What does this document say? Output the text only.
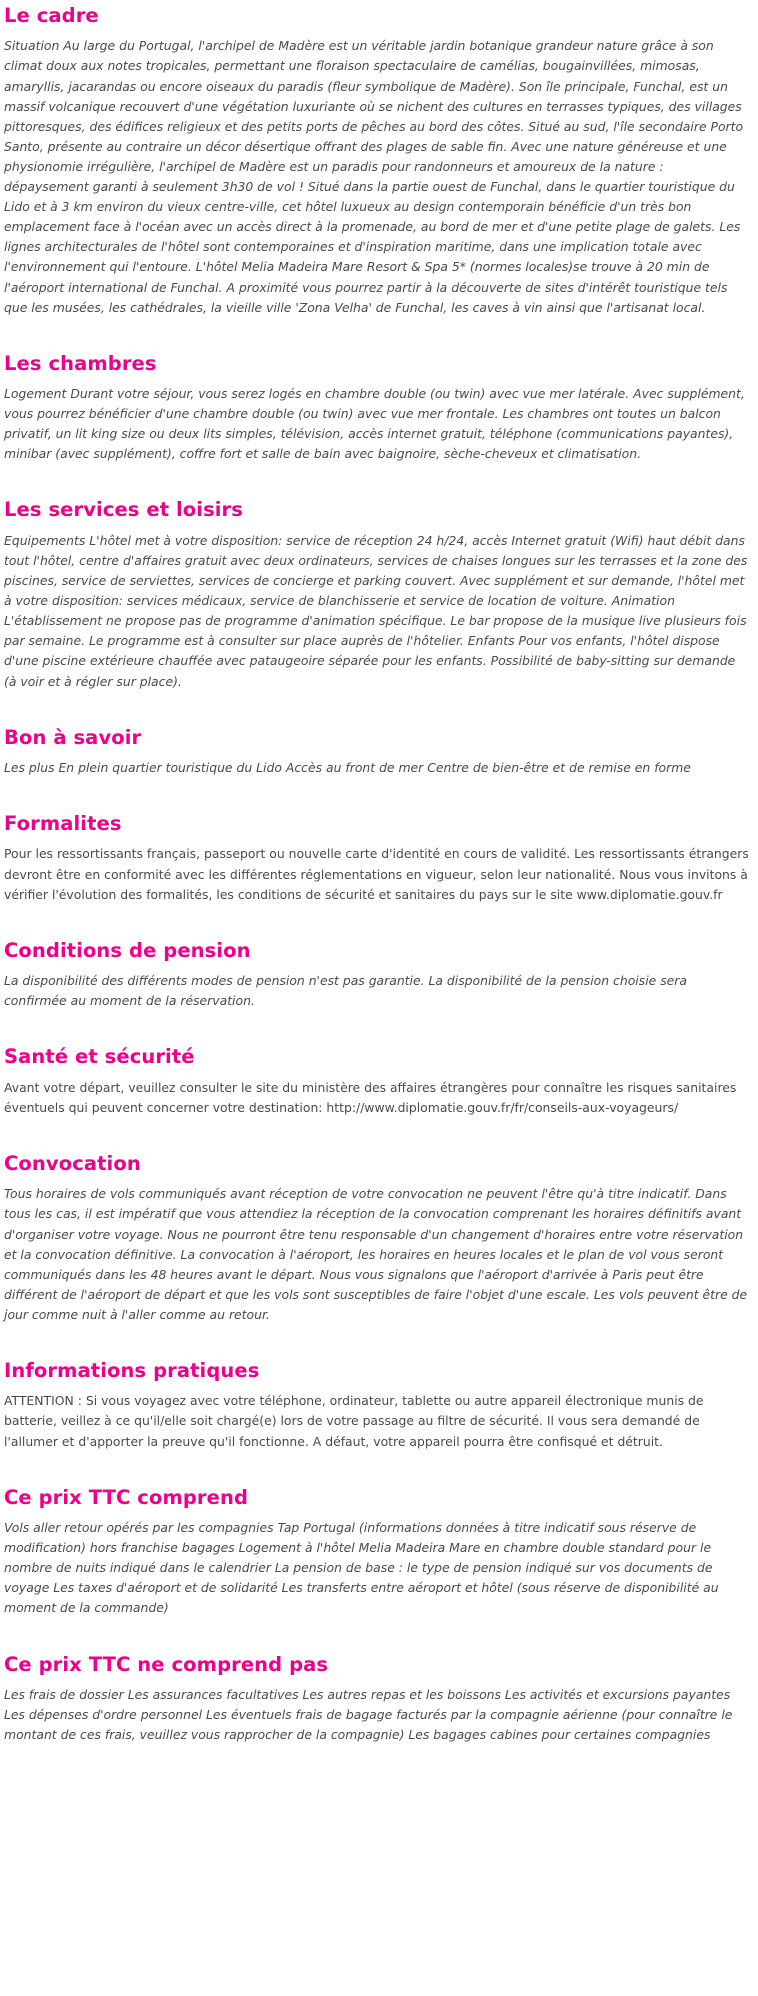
Le cadre

Situation Au large du Portugal, l'archipel de Madère est un véritable jardin botanique grandeur nature grâce à son climat doux aux notes tropicales, permettant une floraison spectaculaire de camélias, bougainvillées, mimosas, amaryllis, jacarandas ou encore oiseaux du paradis (fleur symbolique de Madère). Son île principale, Funchal, est un massif volcanique recouvert d'une végétation luxuriante où se nichent des cultures en terrasses typiques, des villages pittoresques, des édifices religieux et des petits ports de pêches au bord des côtes. Situé au sud, l'île secondaire Porto Santo, présente au contraire un décor désertique offrant des plages de sable fin. Avec une nature généreuse et une physionomie irrégulière, l'archipel de Madère est un paradis pour randonneurs et amoureux de la nature : dépaysement garanti à seulement 3h30 de vol ! Situé dans la partie ouest de Funchal, dans le quartier touristique du Lido et à 3 km environ du vieux centre-ville, cet hôtel luxueux au design contemporain bénéficie d'un très bon emplacement face à l'océan avec un accès direct à la promenade, au bord de mer et d'une petite plage de galets. Les lignes architecturales de l'hôtel sont contemporaines et d'inspiration maritime, dans une implication totale avec l'environnement qui l'entoure. L'hôtel Melia Madeira Mare Resort & Spa 5* (normes locales)se trouve à 20 min de l'aéroport international de Funchal. A proximité vous pourrez partir à la découverte de sites d'intérêt touristique tels que les musées, les cathédrales, la vieille ville 'Zona Velha' de Funchal, les caves à vin ainsi que l'artisanat local.

Les chambres

Logement Durant votre séjour, vous serez logés en chambre double (ou twin) avec vue mer latérale. Avec supplément, vous pourrez bénéficier d'une chambre double (ou twin) avec vue mer frontale. Les chambres ont toutes un balcon privatif, un lit king size ou deux lits simples, télévision, accès internet gratuit, téléphone (communications payantes), minibar (avec supplément), coffre fort et salle de bain avec baignoire, sèche-cheveux et climatisation.

Les services et loisirs

Equipements L'hôtel met à votre disposition: service de réception 24 h/24, accès Internet gratuit (Wifi) haut débit dans tout l'hôtel, centre d'affaires gratuit avec deux ordinateurs, services de chaises longues sur les terrasses et la zone des piscines, service de serviettes, services de concierge et parking couvert. Avec supplément et sur demande, l'hôtel met à votre disposition: services médicaux, service de blanchisserie et service de location de voiture. Animation L'établissement ne propose pas de programme d'animation spécifique. Le bar propose de la musique live plusieurs fois par semaine. Le programme est à consulter sur place auprès de l'hôtelier. Enfants Pour vos enfants, l'hôtel dispose d'une piscine extérieure chauffée avec pataugeoire séparée pour les enfants. Possibilité de baby-sitting sur demande (à voir et à régler sur place).

Bon à savoir

Les plus En plein quartier touristique du Lido Accès au front de mer Centre de bien-être et de remise en forme

Formalites

Pour les ressortissants français, passeport ou nouvelle carte d'identité en cours de validité. Les ressortissants étrangers devront être en conformité avec les différentes réglementations en vigueur, selon leur nationalité. Nous vous invitons à vérifier l'évolution des formalités, les conditions de sécurité et sanitaires du pays sur le site www.diplomatie.gouv.fr

Conditions de pension

La disponibilité des différents modes de pension n'est pas garantie. La disponibilité de la pension choisie sera confirmée au moment de la réservation.

Santé et sécurité

Avant votre départ, veuillez consulter le site du ministère des affaires étrangères pour connaître les risques sanitaires éventuels qui peuvent concerner votre destination: http://www.diplomatie.gouv.fr/fr/conseils-aux-voyageurs/

Convocation

Tous horaires de vols communiqués avant réception de votre convocation ne peuvent l'être qu'à titre indicatif. Dans tous les cas, il est impératif que vous attendiez la réception de la convocation comprenant les horaires définitifs avant d'organiser votre voyage. Nous ne pourront être tenu responsable d'un changement d'horaires entre votre réservation et la convocation définitive. La convocation à l'aéroport, les horaires en heures locales et le plan de vol vous seront communiqués dans les 48 heures avant le départ. Nous vous signalons que l'aéroport d'arrivée à Paris peut être différent de l'aéroport de départ et que les vols sont susceptibles de faire l'objet d'une escale. Les vols peuvent être de jour comme nuit à l'aller comme au retour.

Informations pratiques

ATTENTION : Si vous voyagez avec votre téléphone, ordinateur, tablette ou autre appareil électronique munis de batterie, veillez à ce qu'il/elle soit chargé(e) lors de votre passage au filtre de sécurité. Il vous sera demandé de l'allumer et d'apporter la preuve qu'il fonctionne. A défaut, votre appareil pourra être confisqué et détruit.

Ce prix TTC comprend

Vols aller retour opérés par les compagnies Tap Portugal (informations données à titre indicatif sous réserve de modification) hors franchise bagages Logement à l'hôtel Melia Madeira Mare en chambre double standard pour le nombre de nuits indiqué dans le calendrier La pension de base : le type de pension indiqué sur vos documents de voyage Les taxes d'aéroport et de solidarité Les transferts entre aéroport et hôtel (sous réserve de disponibilité au moment de la commande)

Ce prix TTC ne comprend pas

Les frais de dossier Les assurances facultatives Les autres repas et les boissons Les activités et excursions payantes Les dépenses d'ordre personnel Les éventuels frais de bagage facturés par la compagnie aérienne (pour connaître le montant de ces frais, veuillez vous rapprocher de la compagnie) Les bagages cabines pour certaines compagnies
